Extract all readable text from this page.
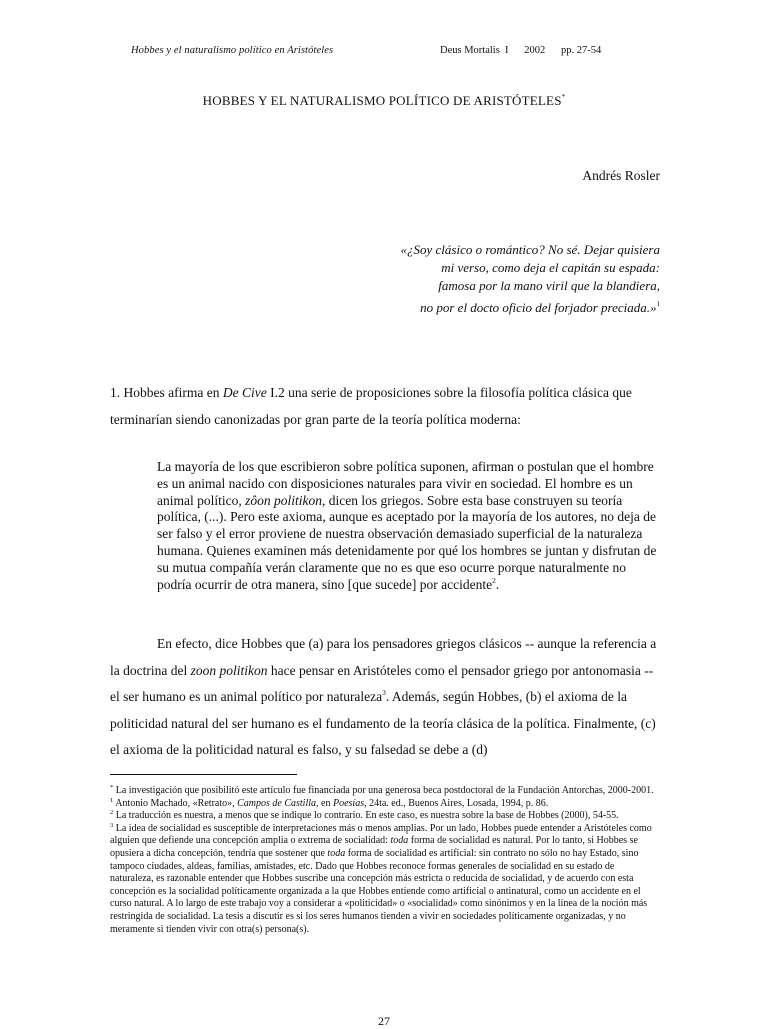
Hobbes y el naturalismo político en Aristóteles	Deus Mortalis I 2002 pp. 27-54
HOBBES Y EL NATURALISMO POLÍTICO DE ARISTÓTELES*
Andrés Rosler
«¿Soy clásico o romántico? No sé. Dejar quisiera
mi verso, como deja el capitán su espada:
famosa por la mano viril que la blandiera,
no por el docto oficio del forjador preciada.»$^1$
1. Hobbes afirma en De Cive I.2 una serie de proposiciones sobre la filosofía política clásica que terminarían siendo canonizadas por gran parte de la teoría política moderna:
La mayoría de los que escribieron sobre política suponen, afirman o postulan que el hombre es un animal nacido con disposiciones naturales para vivir en sociedad. El hombre es un animal político, zôon politikon, dicen los griegos. Sobre esta base construyen su teoría política, (...). Pero este axioma, aunque es aceptado por la mayoría de los autores, no deja de ser falso y el error proviene de nuestra observación demasiado superficial de la naturaleza humana. Quienes examinen más detenidamente por qué los hombres se juntan y disfrutan de su mutua compañía verán claramente que no es que eso ocurre porque naturalmente no podría ocurrir de otra manera, sino [que sucede] por accidente$^2$.
En efecto, dice Hobbes que (a) para los pensadores griegos clásicos -- aunque la referencia a la doctrina del zoon politikon hace pensar en Aristóteles como el pensador griego por antonomasia -- el ser humano es un animal político por naturaleza$^3$. Además, según Hobbes, (b) el axioma de la politicidad natural del ser humano es el fundamento de la teoría clásica de la política. Finalmente, (c) el axioma de la politicidad natural es falso, y su falsedad se debe a (d)

* La investigación que posibilitó este artículo fue financiada por una generosa beca postdoctoral de la Fundación Antorchas, 2000-2001.

$^1$ Antonio Machado, «Retrato», Campos de Castilla, en Poesías, 24ta. ed., Buenos Aires, Losada, 1994, p. 86.

$^2$ La traducción es nuestra, a menos que se indique lo contrario. En este caso, es nuestra sobre la base de Hobbes (2000), 54-55.

$^3$ La idea de socialidad es susceptible de interpretaciones más o menos amplias. Por un lado, Hobbes puede entender a Aristóteles como alguien que defiende una concepción amplia o extrema de socialidad: toda forma de socialidad es natural. Por lo tanto, si Hobbes se opusiera a dicha concepción, tendría que sostener que toda forma de socialidad es artificial: sin contrato no sólo no hay Estado, sino tampoco ciudades, aldeas, familias, amistades, etc. Dado que Hobbes reconoce formas generales de socialidad en su estado de naturaleza, es razonable entender que Hobbes suscribe una concepción más estricta o reducida de socialidad, y de acuerdo con esta concepción es la socialidad políticamente organizada a la que Hobbes entiende como artificial o antinatural, como un accidente en el curso natural. A lo largo de este trabajo voy a considerar a «politicidad» o «socialidad» como sinónimos y en la línea de la noción más restringida de socialidad. La tesis a discutir es si los seres humanos tienden a vivir en sociedades políticamente organizadas, y no meramente si tienden vivir con otra(s) persona(s).

27
